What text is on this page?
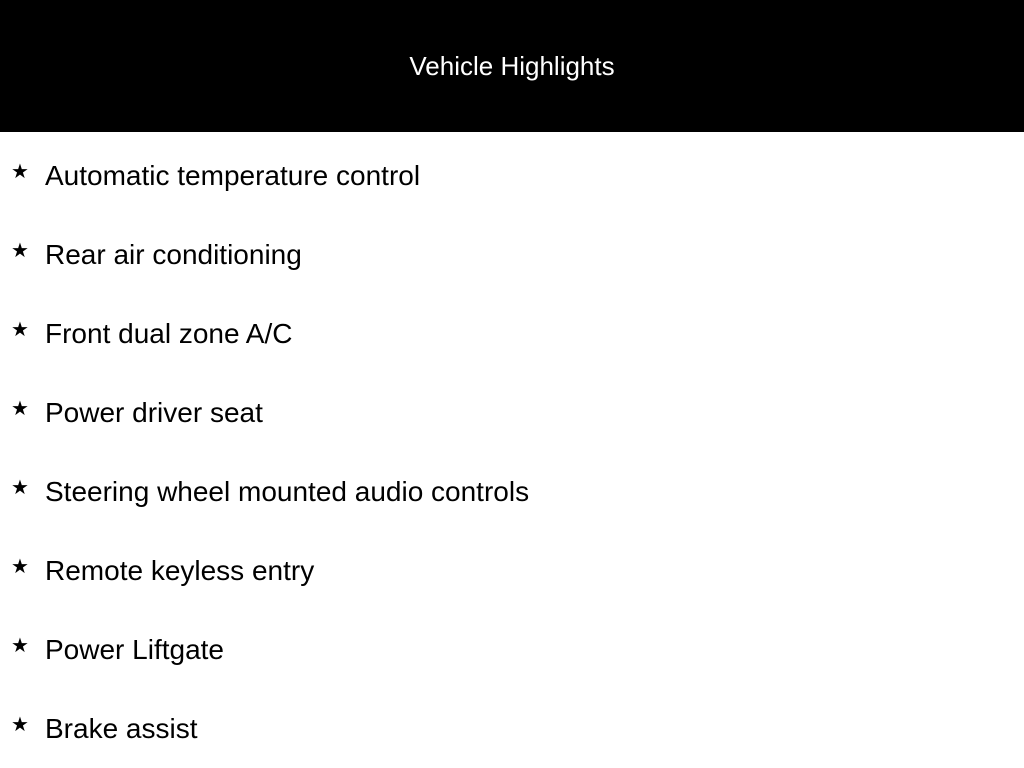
Vehicle Highlights
★ Automatic temperature control
★ Rear air conditioning
★ Front dual zone A/C
★ Power driver seat
★ Steering wheel mounted audio controls
★ Remote keyless entry
★ Power Liftgate
★ Brake assist
